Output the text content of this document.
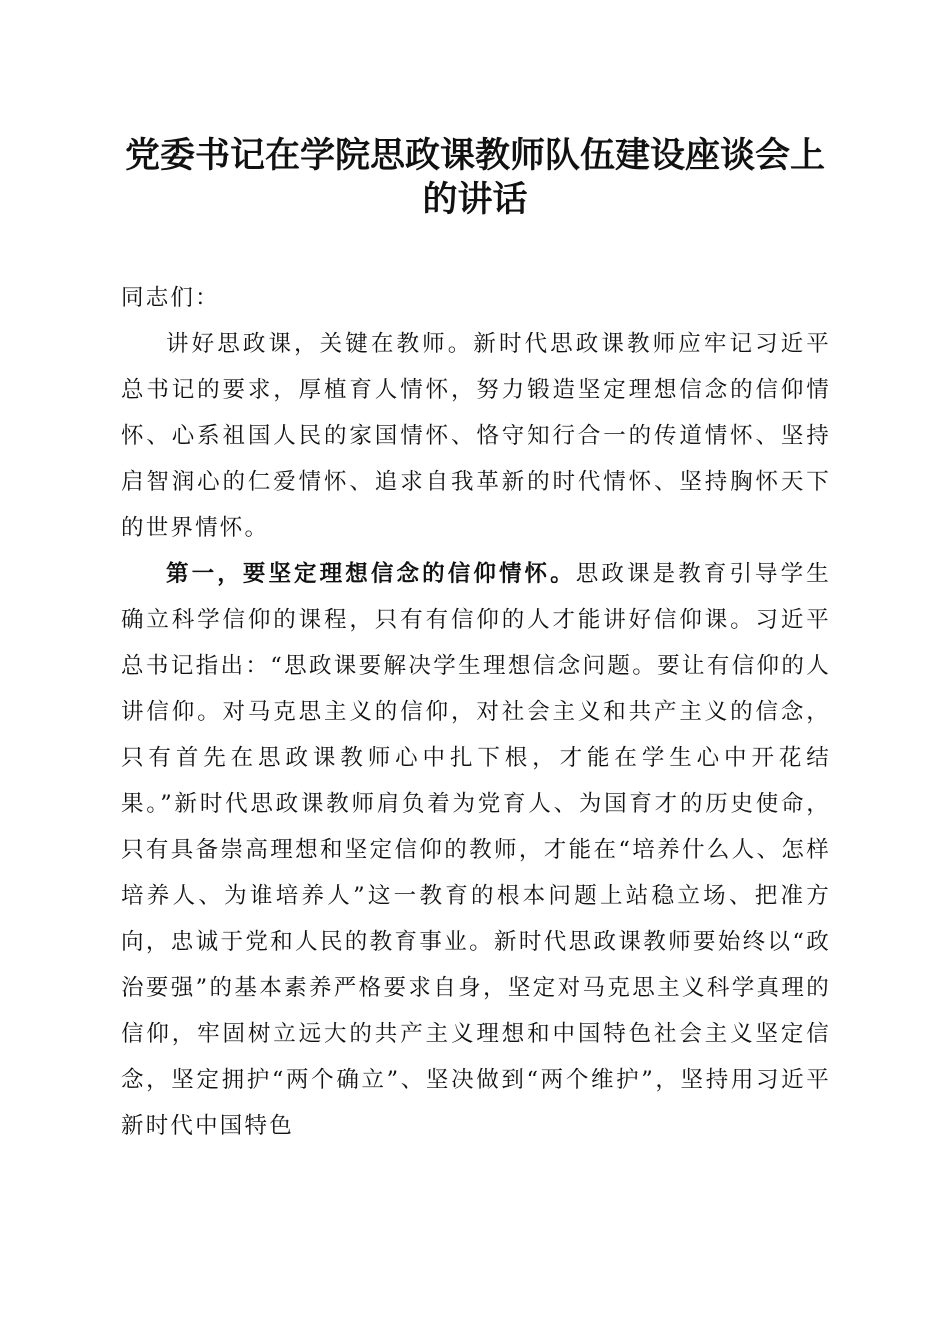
党委书记在学院思政课教师队伍建设座谈会上
的讲话

同志们：

讲好思政课，关键在教师。新时代思政课教师应牢记习近平总书记的要求，厚植育人情怀，努力锻造坚定理想信念的信仰情怀、心系祖国人民的家国情怀、恪守知行合一的传道情怀、坚持启智润心的仁爱情怀、追求自我革新的时代情怀、坚持胸怀天下的世界情怀。

第一，要坚定理想信念的信仰情怀。思政课是教育引导学生确立科学信仰的课程，只有有信仰的人才能讲好信仰课。习近平总书记指出：“思政课要解决学生理想信念问题。要让有信仰的人讲信仰。对马克思主义的信仰，对社会主义和共产主义的信念，只有首先在思政课教师心中扎下根，才能在学生心中开花结果。”新时代思政课教师肩负着为党育人、为国育才的历史使命，只有具备崇高理想和坚定信仰的教师，才能在“培养什么人、怎样培养人、为谁培养人”这一教育的根本问题上站稳立场、把准方向，忠诚于党和人民的教育事业。新时代思政课教师要始终以“政治要强”的基本素养严格要求自身，坚定对马克思主义科学真理的信仰，牢固树立远大的共产主义理想和中国特色社会主义坚定信念，坚定拥护“两个确立”、坚决做到“两个维护”，坚持用习近平新时代中国特色
